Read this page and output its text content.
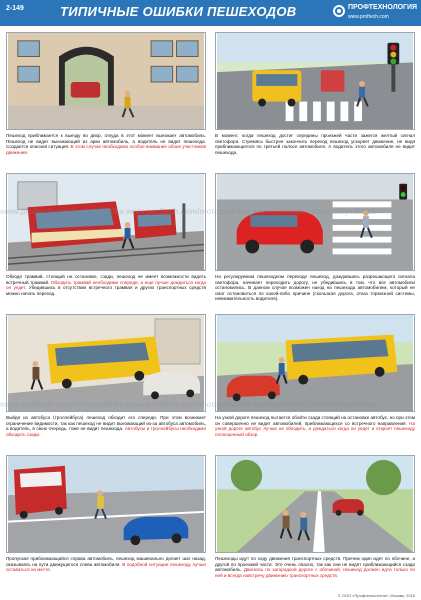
2-149	ТИПИЧНЫЕ ОШИБКИ ПЕШЕХОДОВ	ПРОФТЕХНОЛОГИЯ
www.proftech.com

Пешеход приближается к выезду во двор, откуда в этот момент выезжает автомобиль. Пешеход не видит выезжающий из арки автомобиль, а водитель не видит пешехода. Создается опасная ситуация. В этом случае необходимо особое внимание обоих участников движения.

В момент, когда пешеход достиг середины проезжей части зажегся желтый сигнал светофора. Стремясь быстрее закончить переход пешеход ускоряет движение, не видя приближающегося по третьей полосе автомобиля. А водитель этого автомобиля не видит пешехода.

Обходя трамвай, стоящий на остановке, сзади, пешеход не имеет возможности видеть встречный трамвай. Обходить трамвай необходимо спереди, а еще лучше дождаться когда он уедет. Убедившись в отсутствии встречного трамвая и других транспортных средств можно начать переход.

На регулируемом пешеходном переходе пешеход, дождавшись разрешающего сигнала светофора, начинает переходить дорогу, не убедившись в том, что все автомобили остановились. В данном случае возможен наезд на пешехода автомобилем, который не смог остановиться по какой-либо причине (скользкая дорога, отказ тормозной системы, невнимательность водителя).

Выйдя из автобуса (троллейбуса) пешеход обходит его спереди. При этом возникает ограничение видимости, так как пешеход не видит выезжающий из-за автобуса автомобиль, а водитель, в свою очередь, тоже не видит пешехода. Автобусы и троллейбусы необходимо обходить сзади.

На узкой дороге пешеход пытается обойти сзади стоящий на остановке автобус, но при этом он совершенно не видит автомобилей, приближающихся со встречного направления. На узкой дороге автобус лучше не обходить, а дождаться когда он уедет и откроет пешеходу полноценный обзор.

Пропуская приближающийся справа автомобиль, пешеход машинально делает шаг назад, оказываясь на пути движущегося слева автомобиля. В подобной ситуации пешеходу лучше оставаться на месте.

Пешеходы идут по ходу движения транспортных средств. Причем один идет по обочине, а другой по проезжей части. Это очень опасно, так как они не видят приближающийся сзади автомобиль. Двигаясь по загородной дороге с обочиной, пешеход должен идти только по ней и всегда навстречу движению транспортных средств.

www.proftech.com/motopraktika www.proftech.com/motopraktika www.proftech.com/motopraktika
www.proftech.com/motopraktika www.proftech.com/motopraktika www.proftech.com/motopraktika
© ООО «Профтехнология», Москва, 2016
